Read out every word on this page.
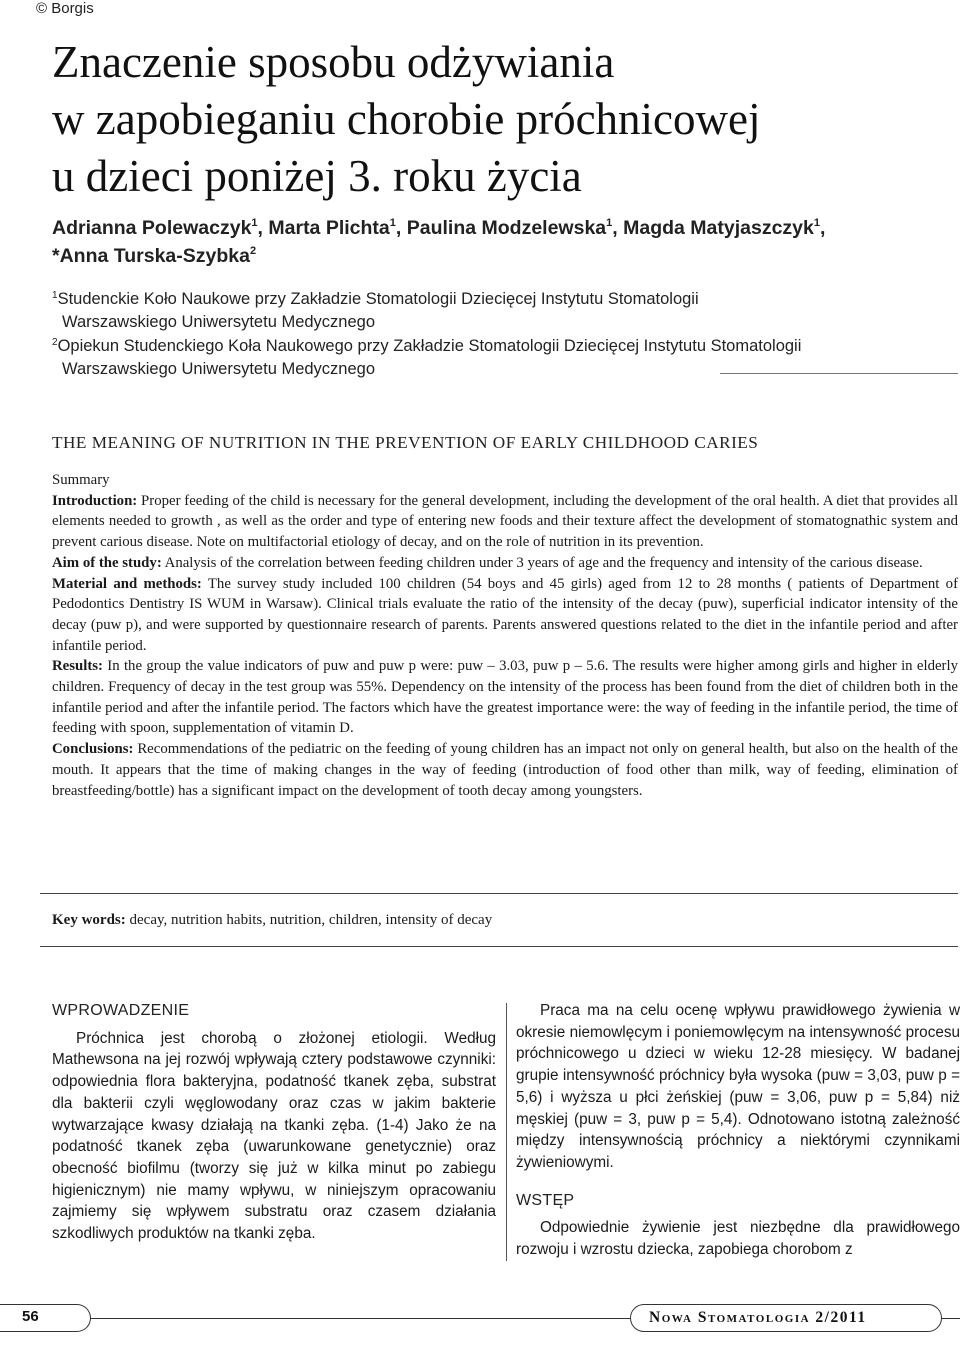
© Borgis
Znaczenie sposobu odżywiania
w zapobieganiu chorobie próchnicowej
u dzieci poniżej 3. roku życia
Adrianna Polewaczyk$^1$, Marta Plichta$^1$, Paulina Modzelewska$^1$, Magda Matyjaszczyk$^1$,
*Anna Turska-Szybka$^2$
$^1$Studenckie Koło Naukowe przy Zakładzie Stomatologii Dziecięcej Instytutu Stomatologii
Warszawskiego Uniwersytetu Medycznego
$^2$Opiekun Studenckiego Koła Naukowego przy Zakładzie Stomatologii Dziecięcej Instytutu Stomatologii
Warszawskiego Uniwersytetu Medycznego
THE MEANING OF NUTRITION IN THE PREVENTION OF EARLY CHILDHOOD CARIES

Summary

Introduction: Proper feeding of the child is necessary for the general development, including the development of the oral health. A diet that provides all elements needed to growth , as well as the order and type of entering new foods and their texture affect the development of stomatognathic system and prevent carious disease. Note on multifactorial etiology of decay, and on the role of nutrition in its prevention.

Aim of the study: Analysis of the correlation between feeding children under 3 years of age and the frequency and intensity of the carious disease.

Material and methods: The survey study included 100 children (54 boys and 45 girls) aged from 12 to 28 months ( patients of Department of Pedodontics Dentistry IS WUM in Warsaw). Clinical trials evaluate the ratio of the intensity of the decay (puw), superficial indicator intensity of the decay (puw p), and were supported by questionnaire research of parents. Parents answered questions related to the diet in the infantile period and after infantile period.

Results: In the group the value indicators of puw and puw p were: puw – 3.03, puw p – 5.6. The results were higher among girls and higher in elderly children. Frequency of decay in the test group was 55%. Dependency on the intensity of the process has been found from the diet of children both in the infantile period and after the infantile period. The factors which have the greatest importance were: the way of feeding in the infantile period, the time of feeding with spoon, supplementation of vitamin D.

Conclusions: Recommendations of the pediatric on the feeding of young children has an impact not only on general health, but also on the health of the mouth. It appears that the time of making changes in the way of feeding (introduction of food other than milk, way of feeding, elimination of breastfeeding/bottle) has a significant impact on the development of tooth decay among youngsters.

Key words: decay, nutrition habits, nutrition, children, intensity of decay
WPROWADZENIE

Próchnica jest chorobą o złożonej etiologii. Według Mathewsona na jej rozwój wpływają cztery podstawowe czynniki: odpowiednia flora bakteryjna, podatność tkanek zęba, substrat dla bakterii czyli węglowodany oraz czas w jakim bakterie wytwarzające kwasy działają na tkanki zęba. (1-4) Jako że na podatność tkanek zęba (uwarunkowane genetycznie) oraz obecność biofilmu (tworzy się już w kilka minut po zabiegu higienicznym) nie mamy wpływu, w niniejszym opracowaniu zajmiemy się wpływem substratu oraz czasem działania szkodliwych produktów na tkanki zęba.

Praca ma na celu ocenę wpływu prawidłowego żywienia w okresie niemowlęcym i poniemowlęcym na intensywność procesu próchnicowego u dzieci w wieku 12-28 miesięcy. W badanej grupie intensywność próchnicy była wysoka (puw = 3,03, puw p = 5,6) i wyższa u płci żeńskiej (puw = 3,06, puw p = 5,84) niż męskiej (puw = 3, puw p = 5,4). Odnotowano istotną zależność między intensywnością próchnicy a niektórymi czynnikami żywieniowymi.

WSTĘP

Odpowiednie żywienie jest niezbędne dla prawidłowego rozwoju i wzrostu dziecka, zapobiega chorobom z

56	Nowa Stomatologia 2/2011
